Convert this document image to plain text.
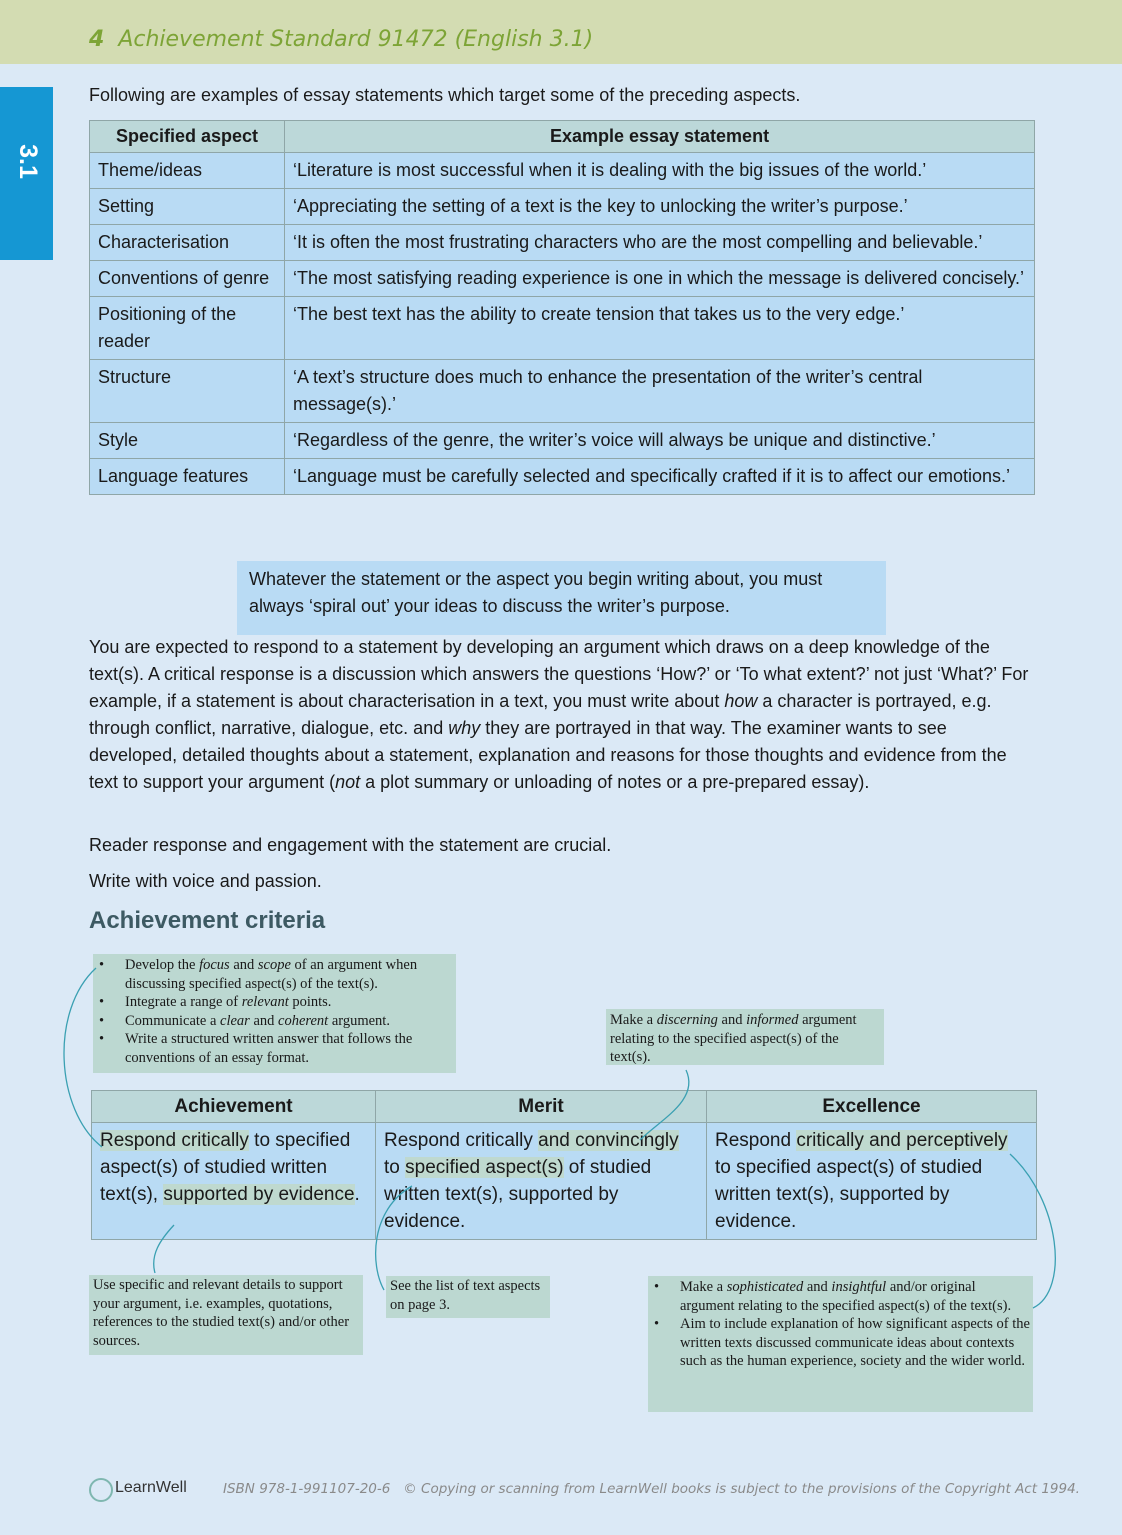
4 Achievement Standard 91472 (English 3.1)
3.1
Following are examples of essay statements which target some of the preceding aspects.
Specified aspect	Example essay statement
Theme/ideas	‘Literature is most successful when it is dealing with the big issues of the world.’
Setting	‘Appreciating the setting of a text is the key to unlocking the writer’s purpose.’
Characterisation	‘It is often the most frustrating characters who are the most compelling and believable.’
Conventions of genre	‘The most satisfying reading experience is one in which the message is delivered concisely.’
Positioning of the reader	‘The best text has the ability to create tension that takes us to the very edge.’
Structure	‘A text’s structure does much to enhance the presentation of the writer’s central message(s).’
Style	‘Regardless of the genre, the writer’s voice will always be unique and distinctive.’
Language features	‘Language must be carefully selected and specifically crafted if it is to affect our emotions.’
Whatever the statement or the aspect you begin writing about, you must always ‘spiral out’ your ideas to discuss the writer’s purpose.
You are expected to respond to a statement by developing an argument which draws on a deep knowledge of the text(s). A critical response is a discussion which answers the questions ‘How?’ or ‘To what extent?’ not just ‘What?’ For example, if a statement is about characterisation in a text, you must write about how a character is portrayed, e.g. through conflict, narrative, dialogue, etc. and why they are portrayed in that way. The examiner wants to see developed, detailed thoughts about a statement, explanation and reasons for those thoughts and evidence from the text to support your argument (not a plot summary or unloading of notes or a pre-prepared essay).
Reader response and engagement with the statement are crucial.
Write with voice and passion.
Achievement criteria
• Develop the focus and scope of an argument when discussing specified aspect(s) of the text(s).
• Integrate a range of relevant points.
• Communicate a clear and coherent argument.
• Write a structured written answer that follows the conventions of an essay format.
Make a discerning and informed argument relating to the specified aspect(s) of the text(s).
Achievement	Merit	Excellence
Respond critically to specified aspect(s) of studied written text(s), supported by evidence.	Respond critically and convincingly to specified aspect(s) of studied written text(s), supported by evidence.	Respond critically and perceptively to specified aspect(s) of studied written text(s), supported by evidence.
Use specific and relevant details to support your argument, i.e. examples, quotations, references to the studied text(s) and/or other sources.
See the list of text aspects on page 3.
• Make a sophisticated and insightful and/or original argument relating to the specified aspect(s) of the text(s).
• Aim to include explanation of how significant aspects of the written texts discussed communicate ideas about contexts such as the human experience, society and the wider world.
LearnWell	ISBN 978-1-991107-20-6 © Copying or scanning from LearnWell books is subject to the provisions of the Copyright Act 1994.
